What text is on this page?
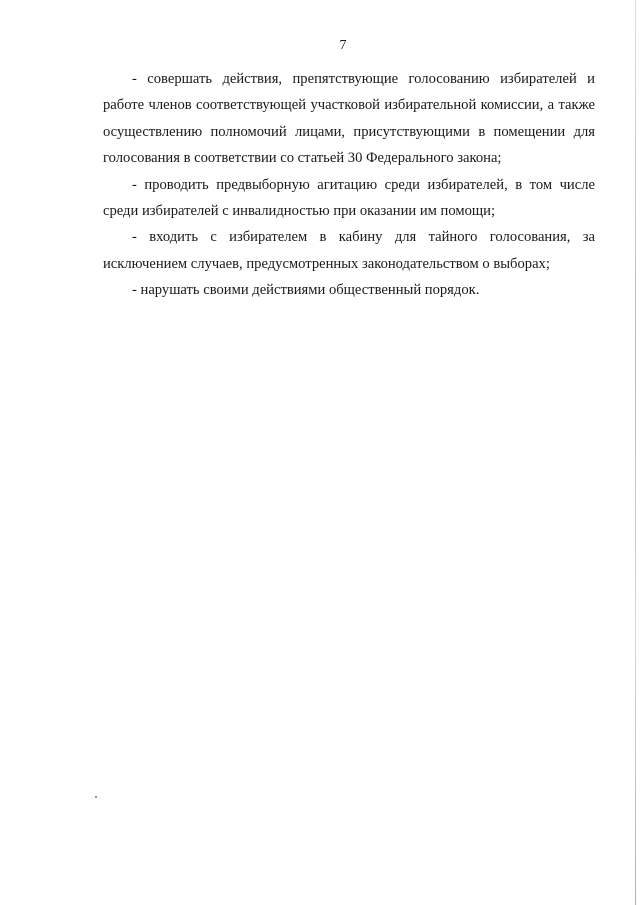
7

- совершать действия, препятствующие голосованию избирателей и работе членов соответствующей участковой избирательной комиссии, а также осуществлению полномочий лицами, присутствующими в помещении для голосования в соответствии со статьей 30 Федерального закона;

- проводить предвыборную агитацию среди избирателей, в том числе среди избирателей с инвалидностью при оказании им помощи;

- входить с избирателем в кабину для тайного голосования, за исключением случаев, предусмотренных законодательством о выборах;

- нарушать своими действиями общественный порядок.
